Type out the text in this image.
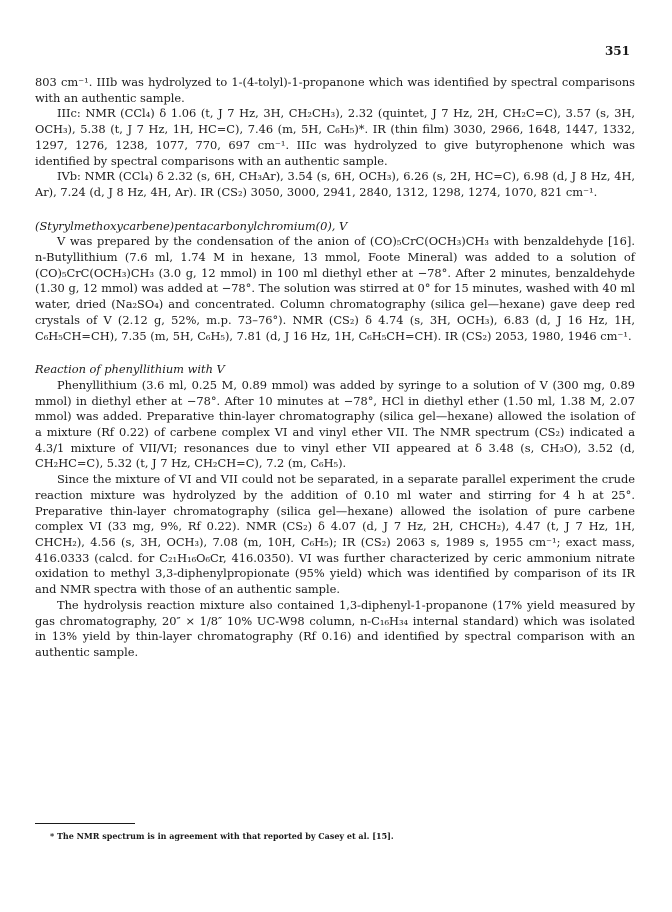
351

803 cm⁻¹. IIIb was hydrolyzed to 1-(4-tolyl)-1-propanone which was identified by spectral comparisons with an authentic sample.

IIIc: NMR (CCl₄) δ 1.06 (t, J 7 Hz, 3H, CH₂CH₃), 2.32 (quintet, J 7 Hz, 2H, CH₂C=C), 3.57 (s, 3H, OCH₃), 5.38 (t, J 7 Hz, 1H, HC=C), 7.46 (m, 5H, C₆H₅)*. IR (thin film) 3030, 2966, 1648, 1447, 1332, 1297, 1276, 1238, 1077, 770, 697 cm⁻¹. IIIc was hydrolyzed to give butyrophenone which was identified by spectral comparisons with an authentic sample.

IVb: NMR (CCl₄) δ 2.32 (s, 6H, CH₃Ar), 3.54 (s, 6H, OCH₃), 6.26 (s, 2H, HC=C), 6.98 (d, J 8 Hz, 4H, Ar), 7.24 (d, J 8 Hz, 4H, Ar). IR (CS₂) 3050, 3000, 2941, 2840, 1312, 1298, 1274, 1070, 821 cm⁻¹.

(Styrylmethoxycarbene)pentacarbonylchromium(0), V

V was prepared by the condensation of the anion of (CO)₅CrC(OCH₃)CH₃ with benzaldehyde [16]. n-Butyllithium (7.6 ml, 1.74 M in hexane, 13 mmol, Foote Mineral) was added to a solution of (CO)₅CrC(OCH₃)CH₃ (3.0 g, 12 mmol) in 100 ml diethyl ether at −78°. After 2 minutes, benzaldehyde (1.30 g, 12 mmol) was added at −78°. The solution was stirred at 0° for 15 minutes, washed with 40 ml water, dried (Na₂SO₄) and concentrated. Column chromatography (silica gel—hexane) gave deep red crystals of V (2.12 g, 52%, m.p. 73–76°). NMR (CS₂) δ 4.74 (s, 3H, OCH₃), 6.83 (d, J 16 Hz, 1H, C₆H₅CH=CH), 7.35 (m, 5H, C₆H₅), 7.81 (d, J 16 Hz, 1H, C₆H₅CH=CH). IR (CS₂) 2053, 1980, 1946 cm⁻¹.

Reaction of phenyllithium with V

Phenyllithium (3.6 ml, 0.25 M, 0.89 mmol) was added by syringe to a solution of V (300 mg, 0.89 mmol) in diethyl ether at −78°. After 10 minutes at −78°, HCl in diethyl ether (1.50 ml, 1.38 M, 2.07 mmol) was added. Preparative thin-layer chromatography (silica gel—hexane) allowed the isolation of a mixture (Rf 0.22) of carbene complex VI and vinyl ether VII. The NMR spectrum (CS₂) indicated a 4.3/1 mixture of VII/VI; resonances due to vinyl ether VII appeared at δ 3.48 (s, CH₃O), 3.52 (d, CH₂HC=C), 5.32 (t, J 7 Hz, CH₂CH=C), 7.2 (m, C₆H₅).

Since the mixture of VI and VII could not be separated, in a separate parallel experiment the crude reaction mixture was hydrolyzed by the addition of 0.10 ml water and stirring for 4 h at 25°. Preparative thin-layer chromatography (silica gel—hexane) allowed the isolation of pure carbene complex VI (33 mg, 9%, Rf 0.22). NMR (CS₂) δ 4.07 (d, J 7 Hz, 2H, CHCH₂), 4.47 (t, J 7 Hz, 1H, CHCH₂), 4.56 (s, 3H, OCH₃), 7.08 (m, 10H, C₆H₅); IR (CS₂) 2063 s, 1989 s, 1955 cm⁻¹; exact mass, 416.0333 (calcd. for C₂₁H₁₆O₆Cr, 416.0350). VI was further characterized by ceric ammonium nitrate oxidation to methyl 3,3-diphenylpropionate (95% yield) which was identified by comparison of its IR and NMR spectra with those of an authentic sample.

The hydrolysis reaction mixture also contained 1,3-diphenyl-1-propanone (17% yield measured by gas chromatography, 20″ × 1/8″ 10% UC-W98 column, n-C₁₆H₃₄ internal standard) which was isolated in 13% yield by thin-layer chromatography (Rf 0.16) and identified by spectral comparison with an authentic sample.

* The NMR spectrum is in agreement with that reported by Casey et al. [15].
